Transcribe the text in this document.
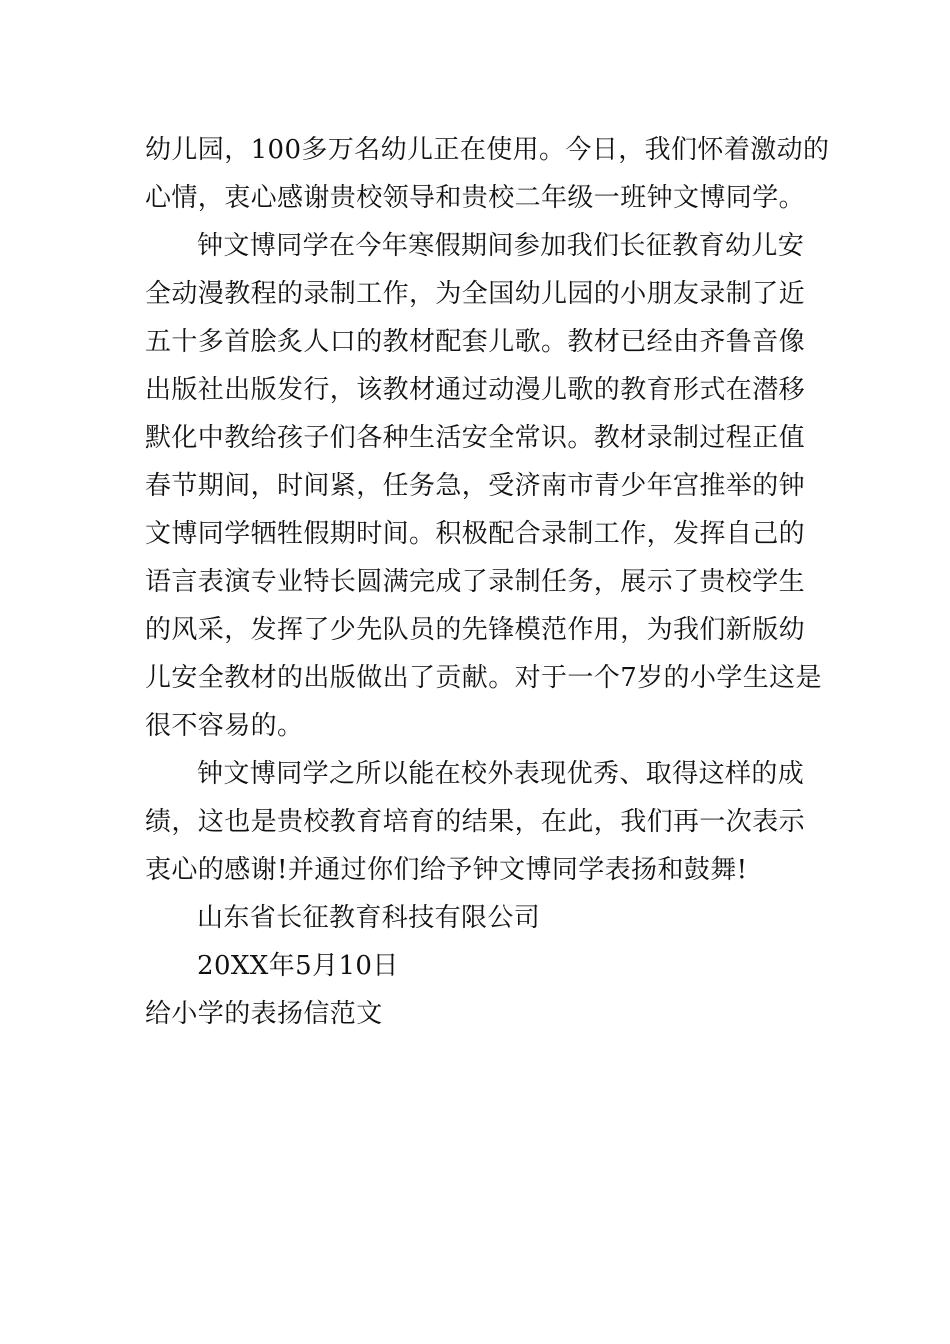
幼儿园，100多万名幼儿正在使用。今日，我们怀着激动的
心情，衷心感谢贵校领导和贵校二年级一班钟文博同学。
钟文博同学在今年寒假期间参加我们长征教育幼儿安
全动漫教程的录制工作，为全国幼儿园的小朋友录制了近
五十多首脍炙人口的教材配套儿歌。教材已经由齐鲁音像
出版社出版发行，该教材通过动漫儿歌的教育形式在潜移
默化中教给孩子们各种生活安全常识。教材录制过程正值
春节期间，时间紧，任务急，受济南市青少年宫推举的钟
文博同学牺牲假期时间。积极配合录制工作，发挥自己的
语言表演专业特长圆满完成了录制任务，展示了贵校学生
的风采，发挥了少先队员的先锋模范作用，为我们新版幼
儿安全教材的出版做出了贡献。对于一个7岁的小学生这是
很不容易的。
钟文博同学之所以能在校外表现优秀、取得这样的成
绩，这也是贵校教育培育的结果，在此，我们再一次表示
衷心的感谢!并通过你们给予钟文博同学表扬和鼓舞!
山东省长征教育科技有限公司
20XX年5月10日
给小学的表扬信范文
